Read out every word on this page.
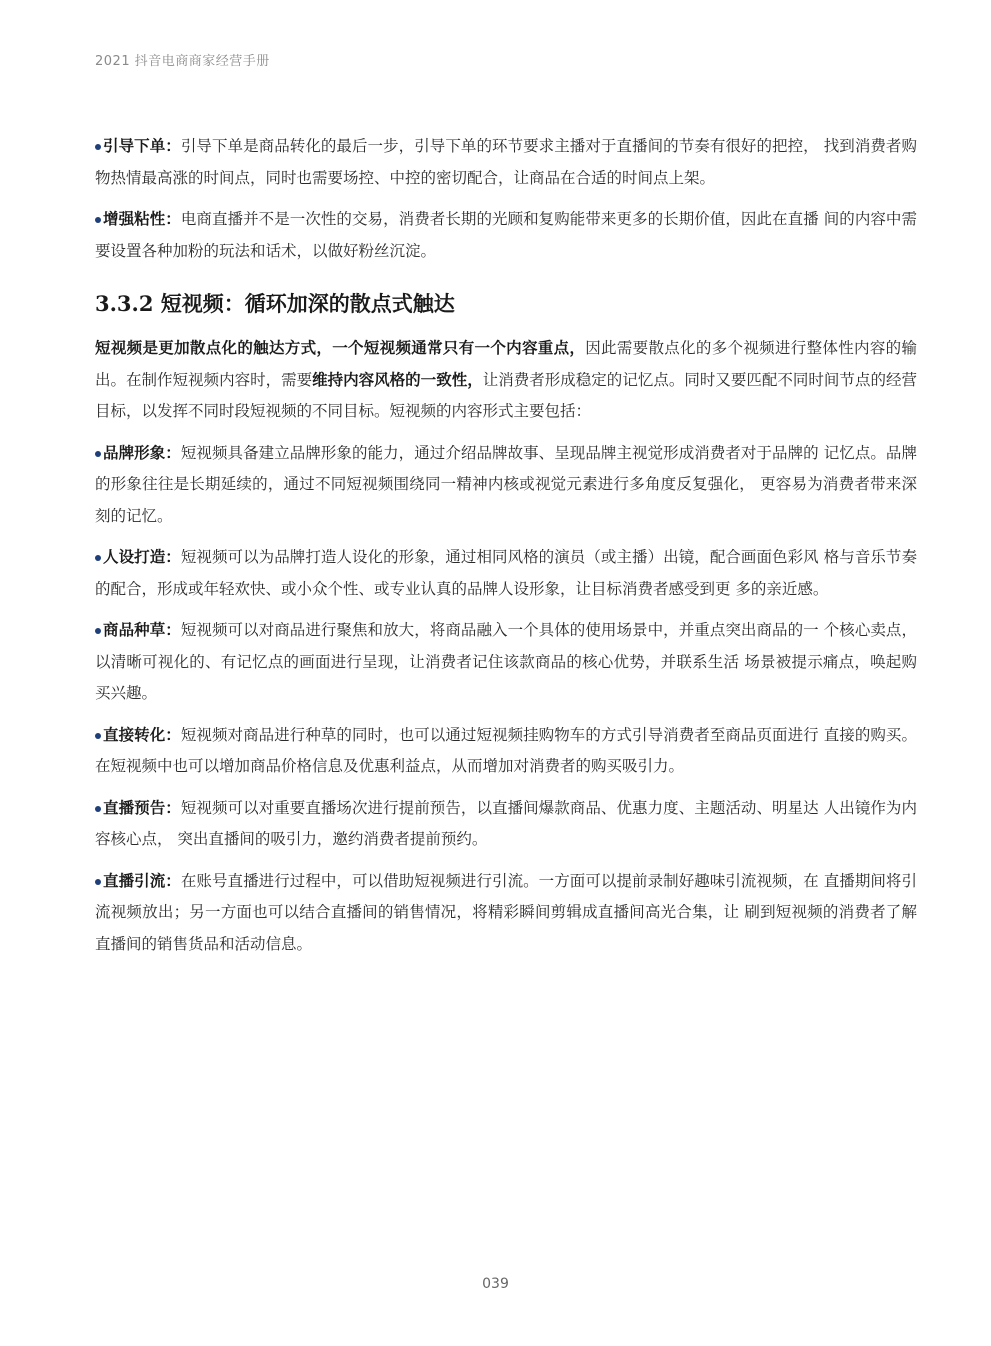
2021 抖音电商商家经营手册

引导下单：引导下单是商品转化的最后一步，引导下单的环节要求主播对于直播间的节奏有很好的把控， 找到消费者购物热情最高涨的时间点，同时也需要场控、中控的密切配合，让商品在合适的时间点上架。

增强粘性：电商直播并不是一次性的交易，消费者长期的光顾和复购能带来更多的长期价值，因此在直播 间的内容中需要设置各种加粉的玩法和话术，以做好粉丝沉淀。

3.3.2 短视频：循环加深的散点式触达

短视频是更加散点化的触达方式，一个短视频通常只有一个内容重点，因此需要散点化的多个视频进行整体性内容的输出。在制作短视频内容时，需要维持内容风格的一致性，让消费者形成稳定的记忆点。同时又要匹配不同时间节点的经营目标，以发挥不同时段短视频的不同目标。短视频的内容形式主要包括：

品牌形象：短视频具备建立品牌形象的能力，通过介绍品牌故事、呈现品牌主视觉形成消费者对于品牌的 记忆点。品牌的形象往往是长期延续的，通过不同短视频围绕同一精神内核或视觉元素进行多角度反复强化， 更容易为消费者带来深刻的记忆。

人设打造：短视频可以为品牌打造人设化的形象，通过相同风格的演员（或主播）出镜，配合画面色彩风 格与音乐节奏的配合，形成或年轻欢快、或小众个性、或专业认真的品牌人设形象，让目标消费者感受到更 多的亲近感。

商品种草：短视频可以对商品进行聚焦和放大，将商品融入一个具体的使用场景中，并重点突出商品的一 个核心卖点，以清晰可视化的、有记忆点的画面进行呈现，让消费者记住该款商品的核心优势，并联系生活 场景被提示痛点，唤起购买兴趣。

直接转化：短视频对商品进行种草的同时，也可以通过短视频挂购物车的方式引导消费者至商品页面进行 直接的购买。在短视频中也可以增加商品价格信息及优惠利益点，从而增加对消费者的购买吸引力。

直播预告：短视频可以对重要直播场次进行提前预告，以直播间爆款商品、优惠力度、主题活动、明星达 人出镜作为内容核心点， 突出直播间的吸引力，邀约消费者提前预约。

直播引流：在账号直播进行过程中，可以借助短视频进行引流。一方面可以提前录制好趣味引流视频，在 直播期间将引流视频放出；另一方面也可以结合直播间的销售情况，将精彩瞬间剪辑成直播间高光合集，让 刷到短视频的消费者了解直播间的销售货品和活动信息。

039
